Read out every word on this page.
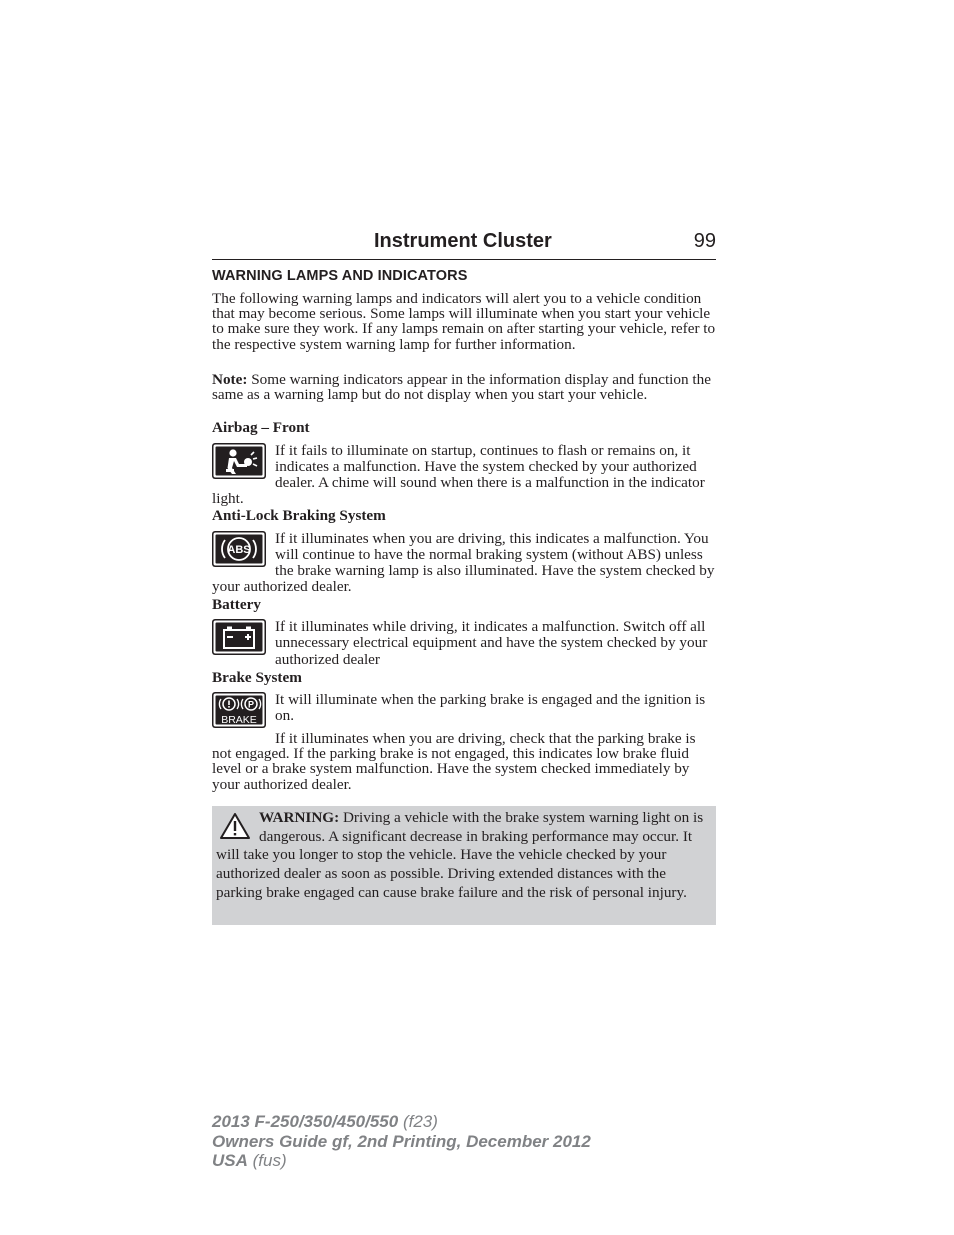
Instrument Cluster	99
WARNING LAMPS AND INDICATORS
The following warning lamps and indicators will alert you to a vehicle condition that may become serious. Some lamps will illuminate when you start your vehicle to make sure they work. If any lamps remain on after starting your vehicle, refer to the respective system warning lamp for further information.
Note: Some warning indicators appear in the information display and function the same as a warning lamp but do not display when you start your vehicle.
Airbag – Front
If it fails to illuminate on startup, continues to flash or remains on, it indicates a malfunction. Have the system checked by your authorized dealer. A chime will sound when there is a malfunction in the indicator light.
Anti-Lock Braking System
ABS
If it illuminates when you are driving, this indicates a malfunction. You will continue to have the normal braking system (without ABS) unless the brake warning lamp is also illuminated. Have the system checked by your authorized dealer.
Battery
If it illuminates while driving, it indicates a malfunction. Switch off all unnecessary electrical equipment and have the system checked by your authorized dealer
Brake System
P
BRAKE
It will illuminate when the parking brake is engaged and the ignition is on.
If it illuminates when you are driving, check that the parking brake is not engaged. If the parking brake is not engaged, this indicates low brake fluid level or a brake system malfunction. Have the system checked immediately by your authorized dealer.
WARNING: Driving a vehicle with the brake system warning light on is dangerous. A significant decrease in braking performance may occur. It will take you longer to stop the vehicle. Have the vehicle checked by your authorized dealer as soon as possible. Driving extended distances with the parking brake engaged can cause brake failure and the risk of personal injury.
2013 F-250/350/450/550 (f23)
Owners Guide gf, 2nd Printing, December 2012
USA (fus)
